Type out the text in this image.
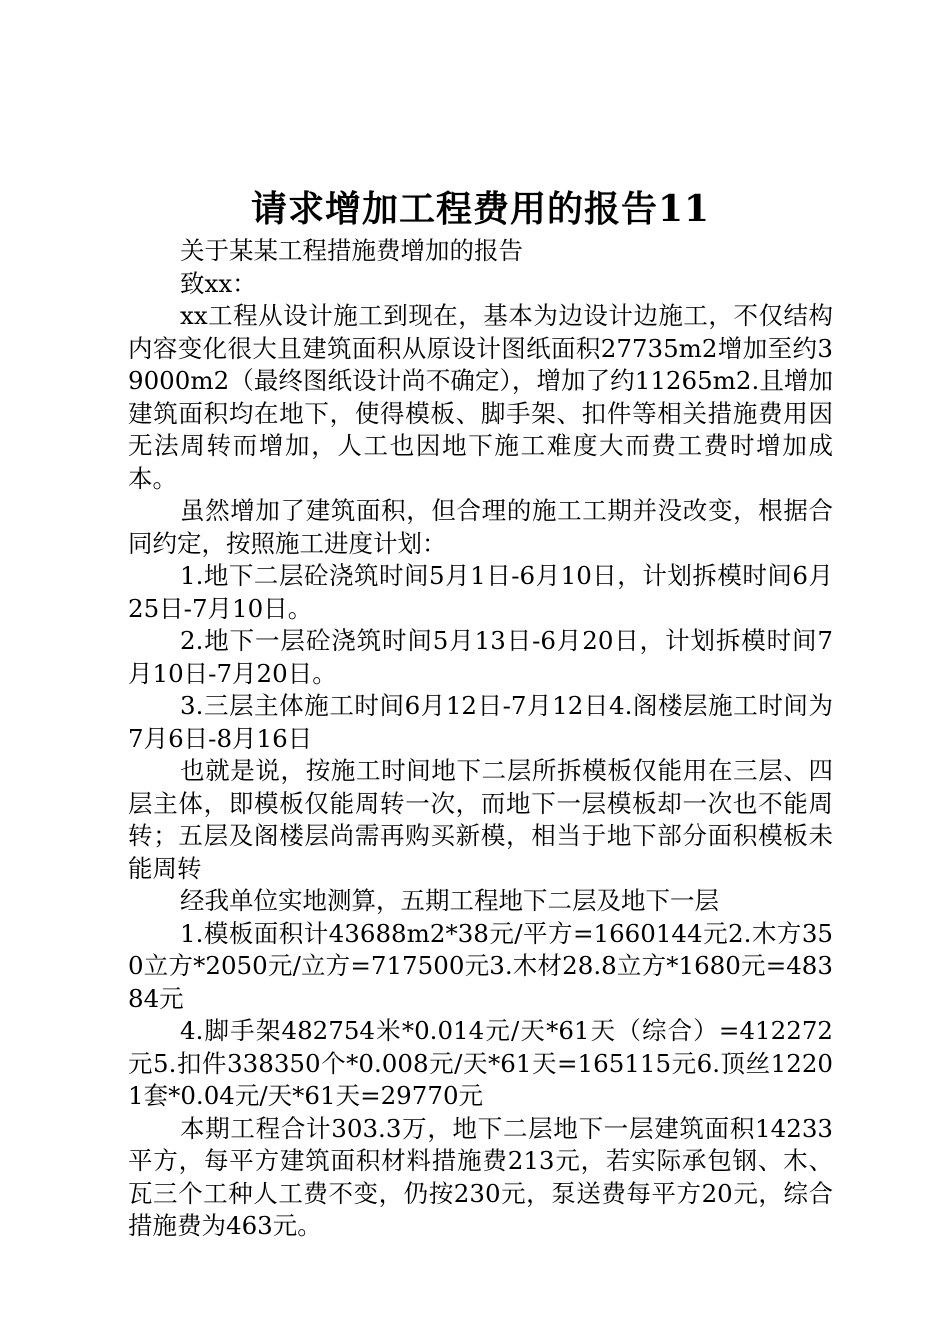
请求增加工程费用的报告11

关于某某工程措施费增加的报告

致xx：

xx工程从设计施工到现在，基本为边设计边施工，不仅结构内容变化很大且建筑面积从原设计图纸面积27735m2增加至约39000m2（最终图纸设计尚不确定），增加了约11265m2.且增加建筑面积均在地下，使得模板、脚手架、扣件等相关措施费用因无法周转而增加，人工也因地下施工难度大而费工费时增加成本。

虽然增加了建筑面积，但合理的施工工期并没改变，根据合同约定，按照施工进度计划：

1.地下二层砼浇筑时间5月1日-6月10日，计划拆模时间6月25日-7月10日。

2.地下一层砼浇筑时间5月13日-6月20日，计划拆模时间7月10日-7月20日。

3.三层主体施工时间6月12日-7月12日4.阁楼层施工时间为7月6日-8月16日

也就是说，按施工时间地下二层所拆模板仅能用在三层、四层主体，即模板仅能周转一次，而地下一层模板却一次也不能周转；五层及阁楼层尚需再购买新模，相当于地下部分面积模板未能周转

经我单位实地测算，五期工程地下二层及地下一层

1.模板面积计43688m2*38元/平方=1660144元2.木方350立方*2050元/立方=717500元3.木材28.8立方*1680元=48384元

4.脚手架482754米*0.014元/天*61天（综合）=412272元5.扣件338350个*0.008元/天*61天=165115元6.顶丝12201套*0.04元/天*61天=29770元

本期工程合计303.3万，地下二层地下一层建筑面积14233平方，每平方建筑面积材料措施费213元，若实际承包钢、木、瓦三个工种人工费不变，仍按230元，泵送费每平方20元，综合措施费为463元。
